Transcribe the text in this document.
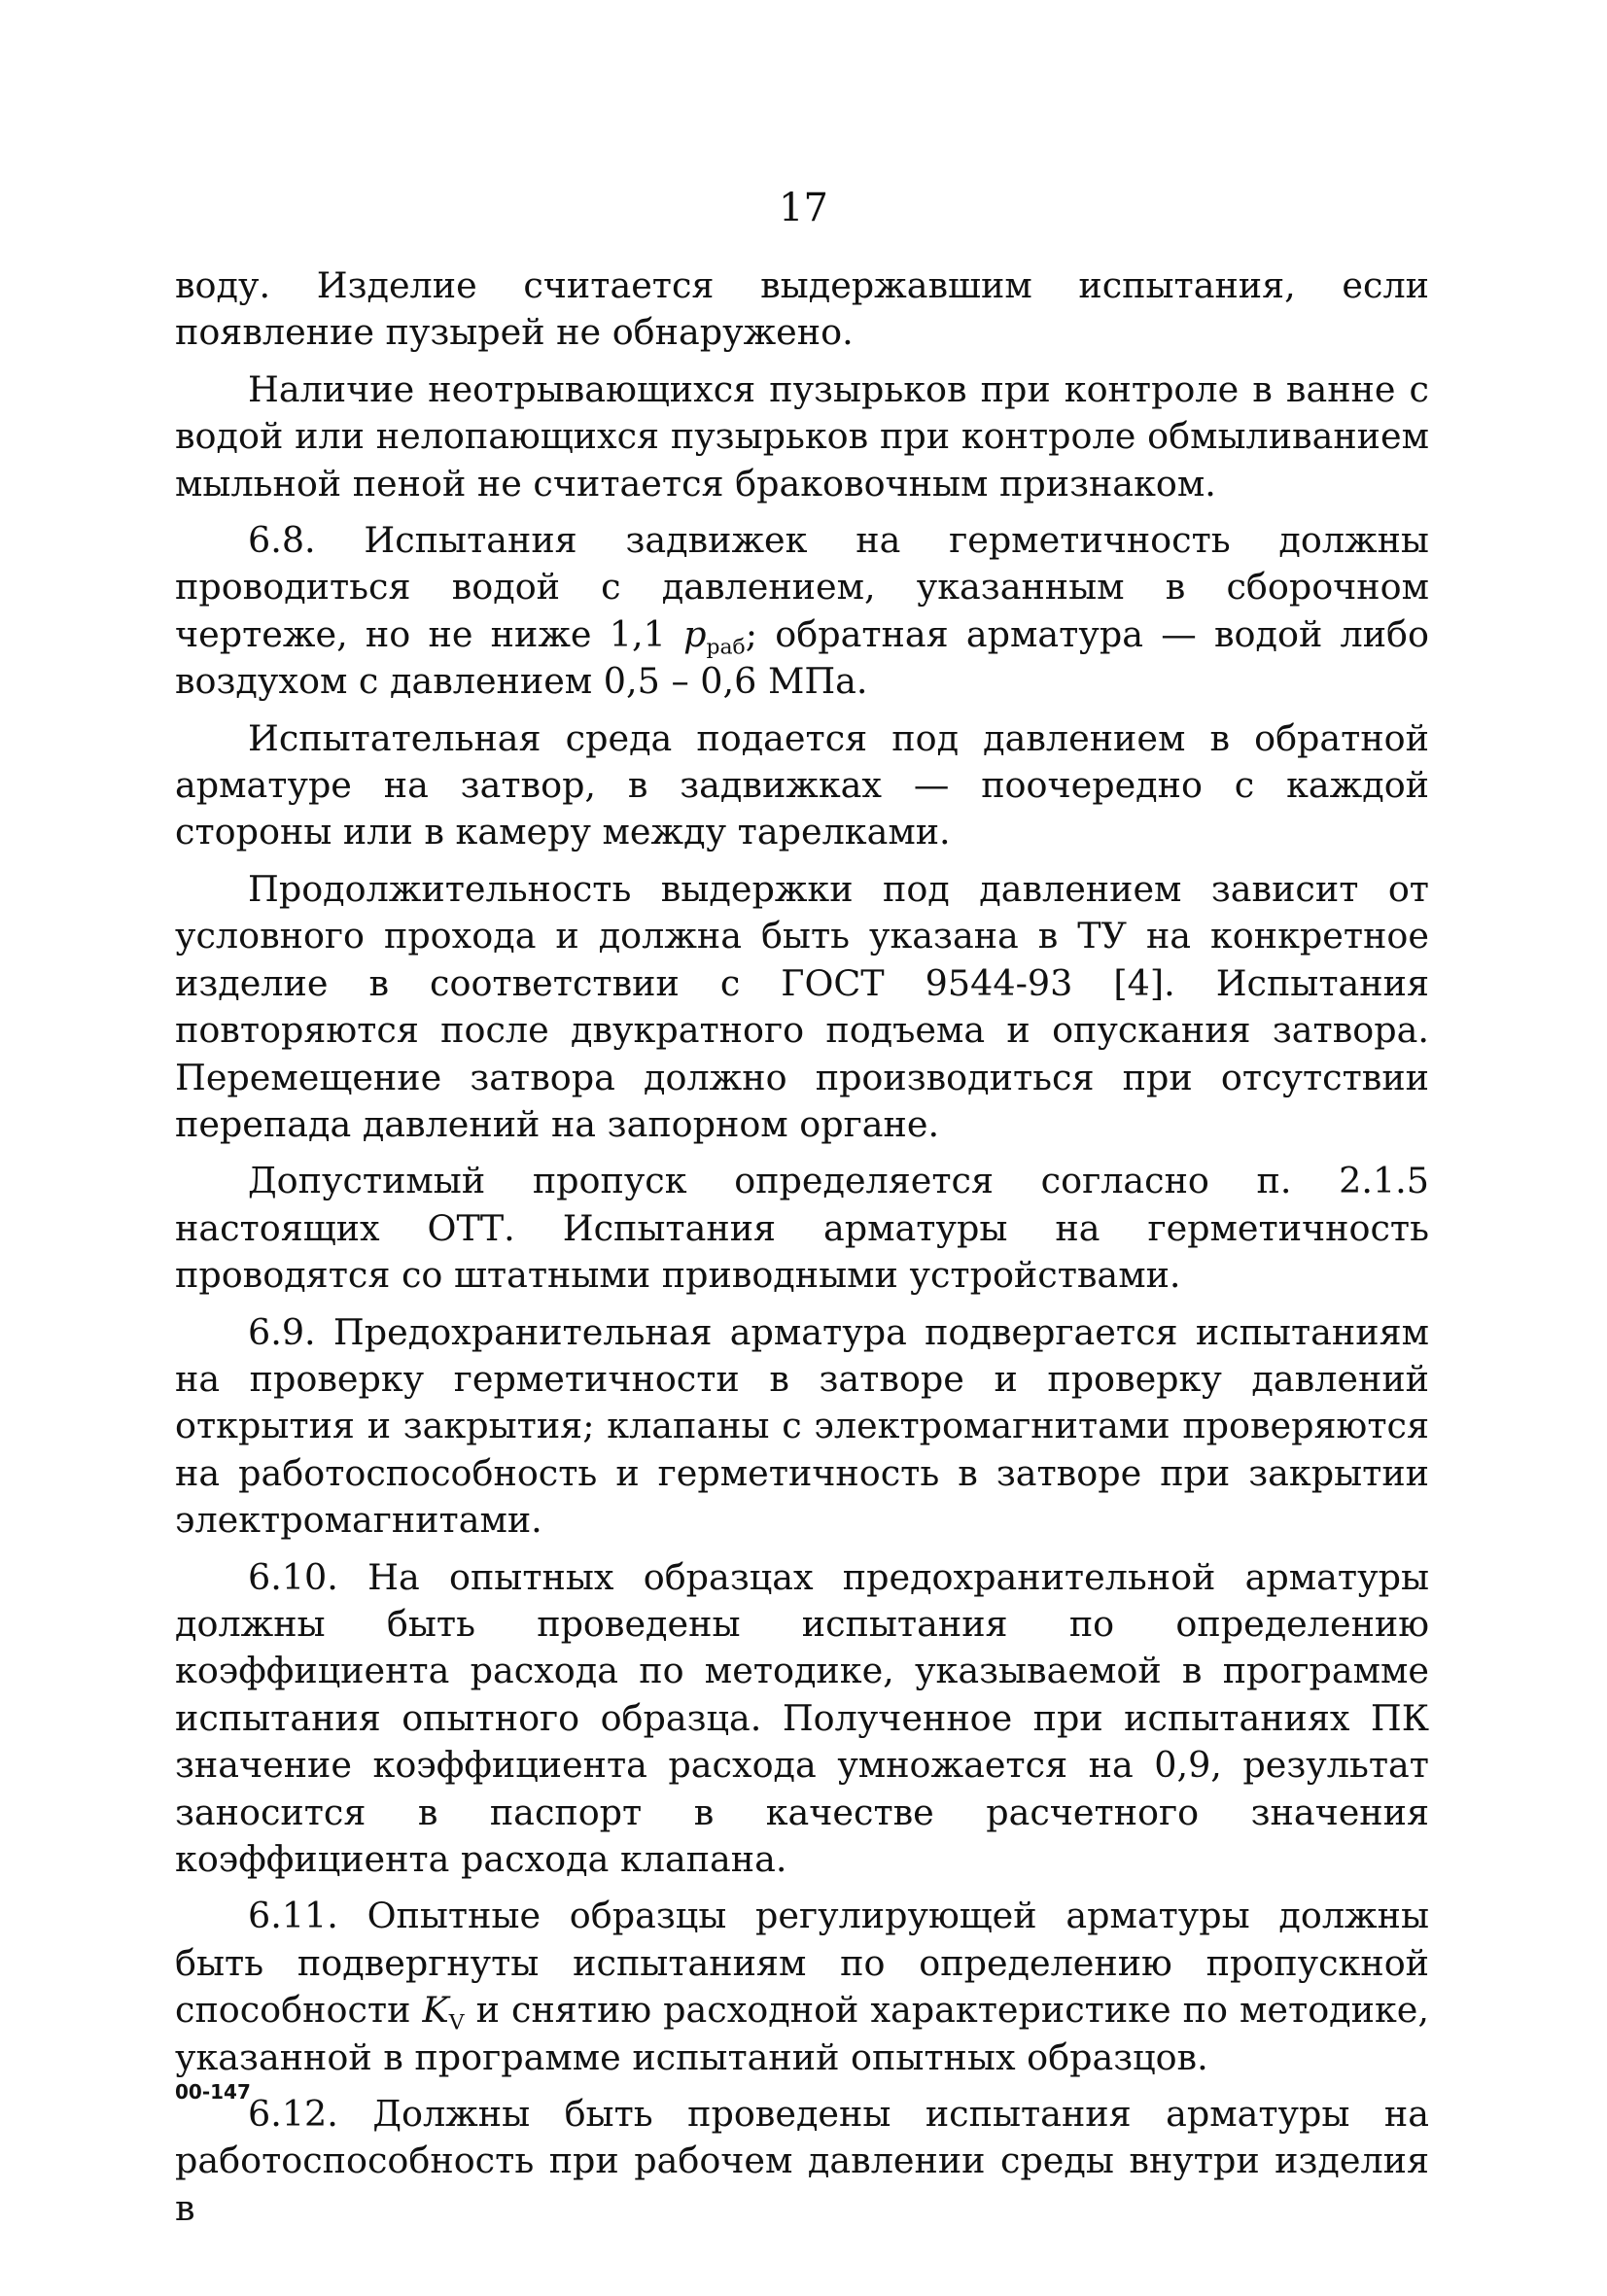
17

воду. Изделие считается выдержавшим испытания, если появление пузырей не обнаружено.

Наличие неотрывающихся пузырьков при контроле в ванне с водой или нелопающихся пузырьков при контроле обмыливанием мыльной пеной не считается браковочным признаком.

6.8. Испытания задвижек на герметичность должны проводиться водой с давлением, указанным в сборочном чертеже, но не ниже 1,1 $p_{раб}$; обратная арматура — водой либо воздухом с давлением 0,5 – 0,6 МПа.

Испытательная среда подается под давлением в обратной арматуре на затвор, в задвижках — поочередно с каждой стороны или в камеру между тарелками.

Продолжительность выдержки под давлением зависит от условного прохода и должна быть указана в ТУ на конкретное изделие в соответствии с ГОСТ 9544-93 [4]. Испытания повторяются после двукратного подъема и опускания затвора. Перемещение затвора должно производиться при отсутствии перепада давлений на запорном органе.

Допустимый пропуск определяется согласно п. 2.1.5 настоящих ОТТ. Испытания арматуры на герметичность проводятся со штатными приводными устройствами.

6.9. Предохранительная арматура подвергается испытаниям на проверку герметичности в затворе и проверку давлений открытия и закрытия; клапаны с электромагнитами проверяются на работоспособность и герметичность в затворе при закрытии электромагнитами.

6.10. На опытных образцах предохранительной арматуры должны быть проведены испытания по определению коэффициента расхода по методике, указываемой в программе испытания опытного образца. Полученное при испытаниях ПК значение коэффициента расхода умножается на 0,9, результат заносится в паспорт в качестве расчетного значения коэффициента расхода клапана.

6.11. Опытные образцы регулирующей арматуры должны быть подвергнуты испытаниям по определению пропускной способности $K_V$ и снятию расходной характеристике по методике, указанной в программе испытаний опытных образцов.

6.12. Должны быть проведены испытания арматуры на работоспособность при рабочем давлении среды внутри изделия в

00-147
